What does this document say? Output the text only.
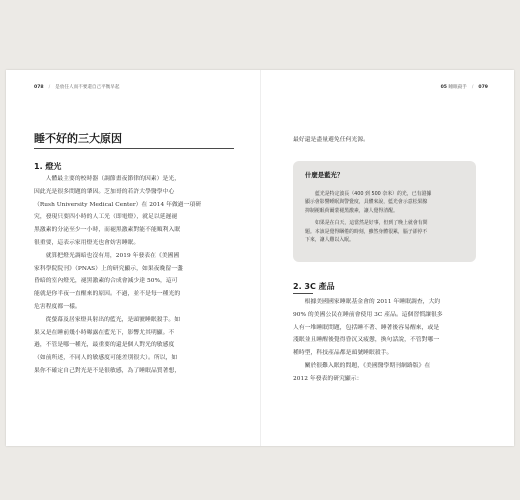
078 / 是放任人而不要還自己平衡早起
睡不好的三大原因
1. 燈光
人體最主要的校時器（調節畫夜節律的因素）是光，
因此光是很多問題的肇因。芝加哥的若許大學醫學中心
（Rush University Medical Center）在 2014 年做過一項研
究，發現只要四小時的人工光（即電燈），就足以延遲褪
黑激素的分泌至少一小時，而褪黑激素對能不能順利入眠
很重要，這表示家用燈光也會妨害睡眠。
就算把燈光調暗也沒有用，2019 年發表在《美國國
家科學院院刊》（PNAS）上的研究顯示，如果夜晚留一盞
昏暗的室內燈光，褪黑激素的合成會減少達 50%，這可
能就是你半夜一直醒來的原因。不過，並不是每一種光的
危害程度都一樣。
從螢幕及居家燈具射出的藍光，是頭號睡眠殺手。如
果又是在睡前幾小時曝露在藍光下，影響尤其明顯。不
過，不管是哪一種光，最重要的還是個人對光的敏感度
（如前所述，不同人的敏感度可能差別很大）。所以，如
果你不確定自己對光是不是很敏感，為了睡眠品質著想，
05 睡眠殺手 / 079
最好還是盡量避免任何光源。
什麼是藍光？
藍光是特定波長（400 到 500 奈米）的光，已有證據
顯示會影響睡眠與警覺度，具體來說，藍光會示意松果腺
抑制褪眠荷爾蒙褪黑激素，讓人覺得清醒。
如果是在白天，這當然是好事，但到了晚上就會有問
題。本該是覺得睏倦的時刻，雖然身體很累，腦子卻停不
下來，讓人難以入眠。
2. 3C 產品
根據美國國家睡眠基金會的 2011 年睡眠調查，大約
90% 的美國公民在睡前會使用 3C 產品。這個習慣讓很多
人有一堆睡眠問題，包括睡不著、睡著後容易醒來，或是
淺眠並且睡醒後覺得昏沉又疲憊，換句話說，不管對哪一
種時型，科技產品都是頭號睡眠殺手。
關於很難入眠的問題，《美國醫學期刊網路版》在
2012 年發表的研究顯示：
